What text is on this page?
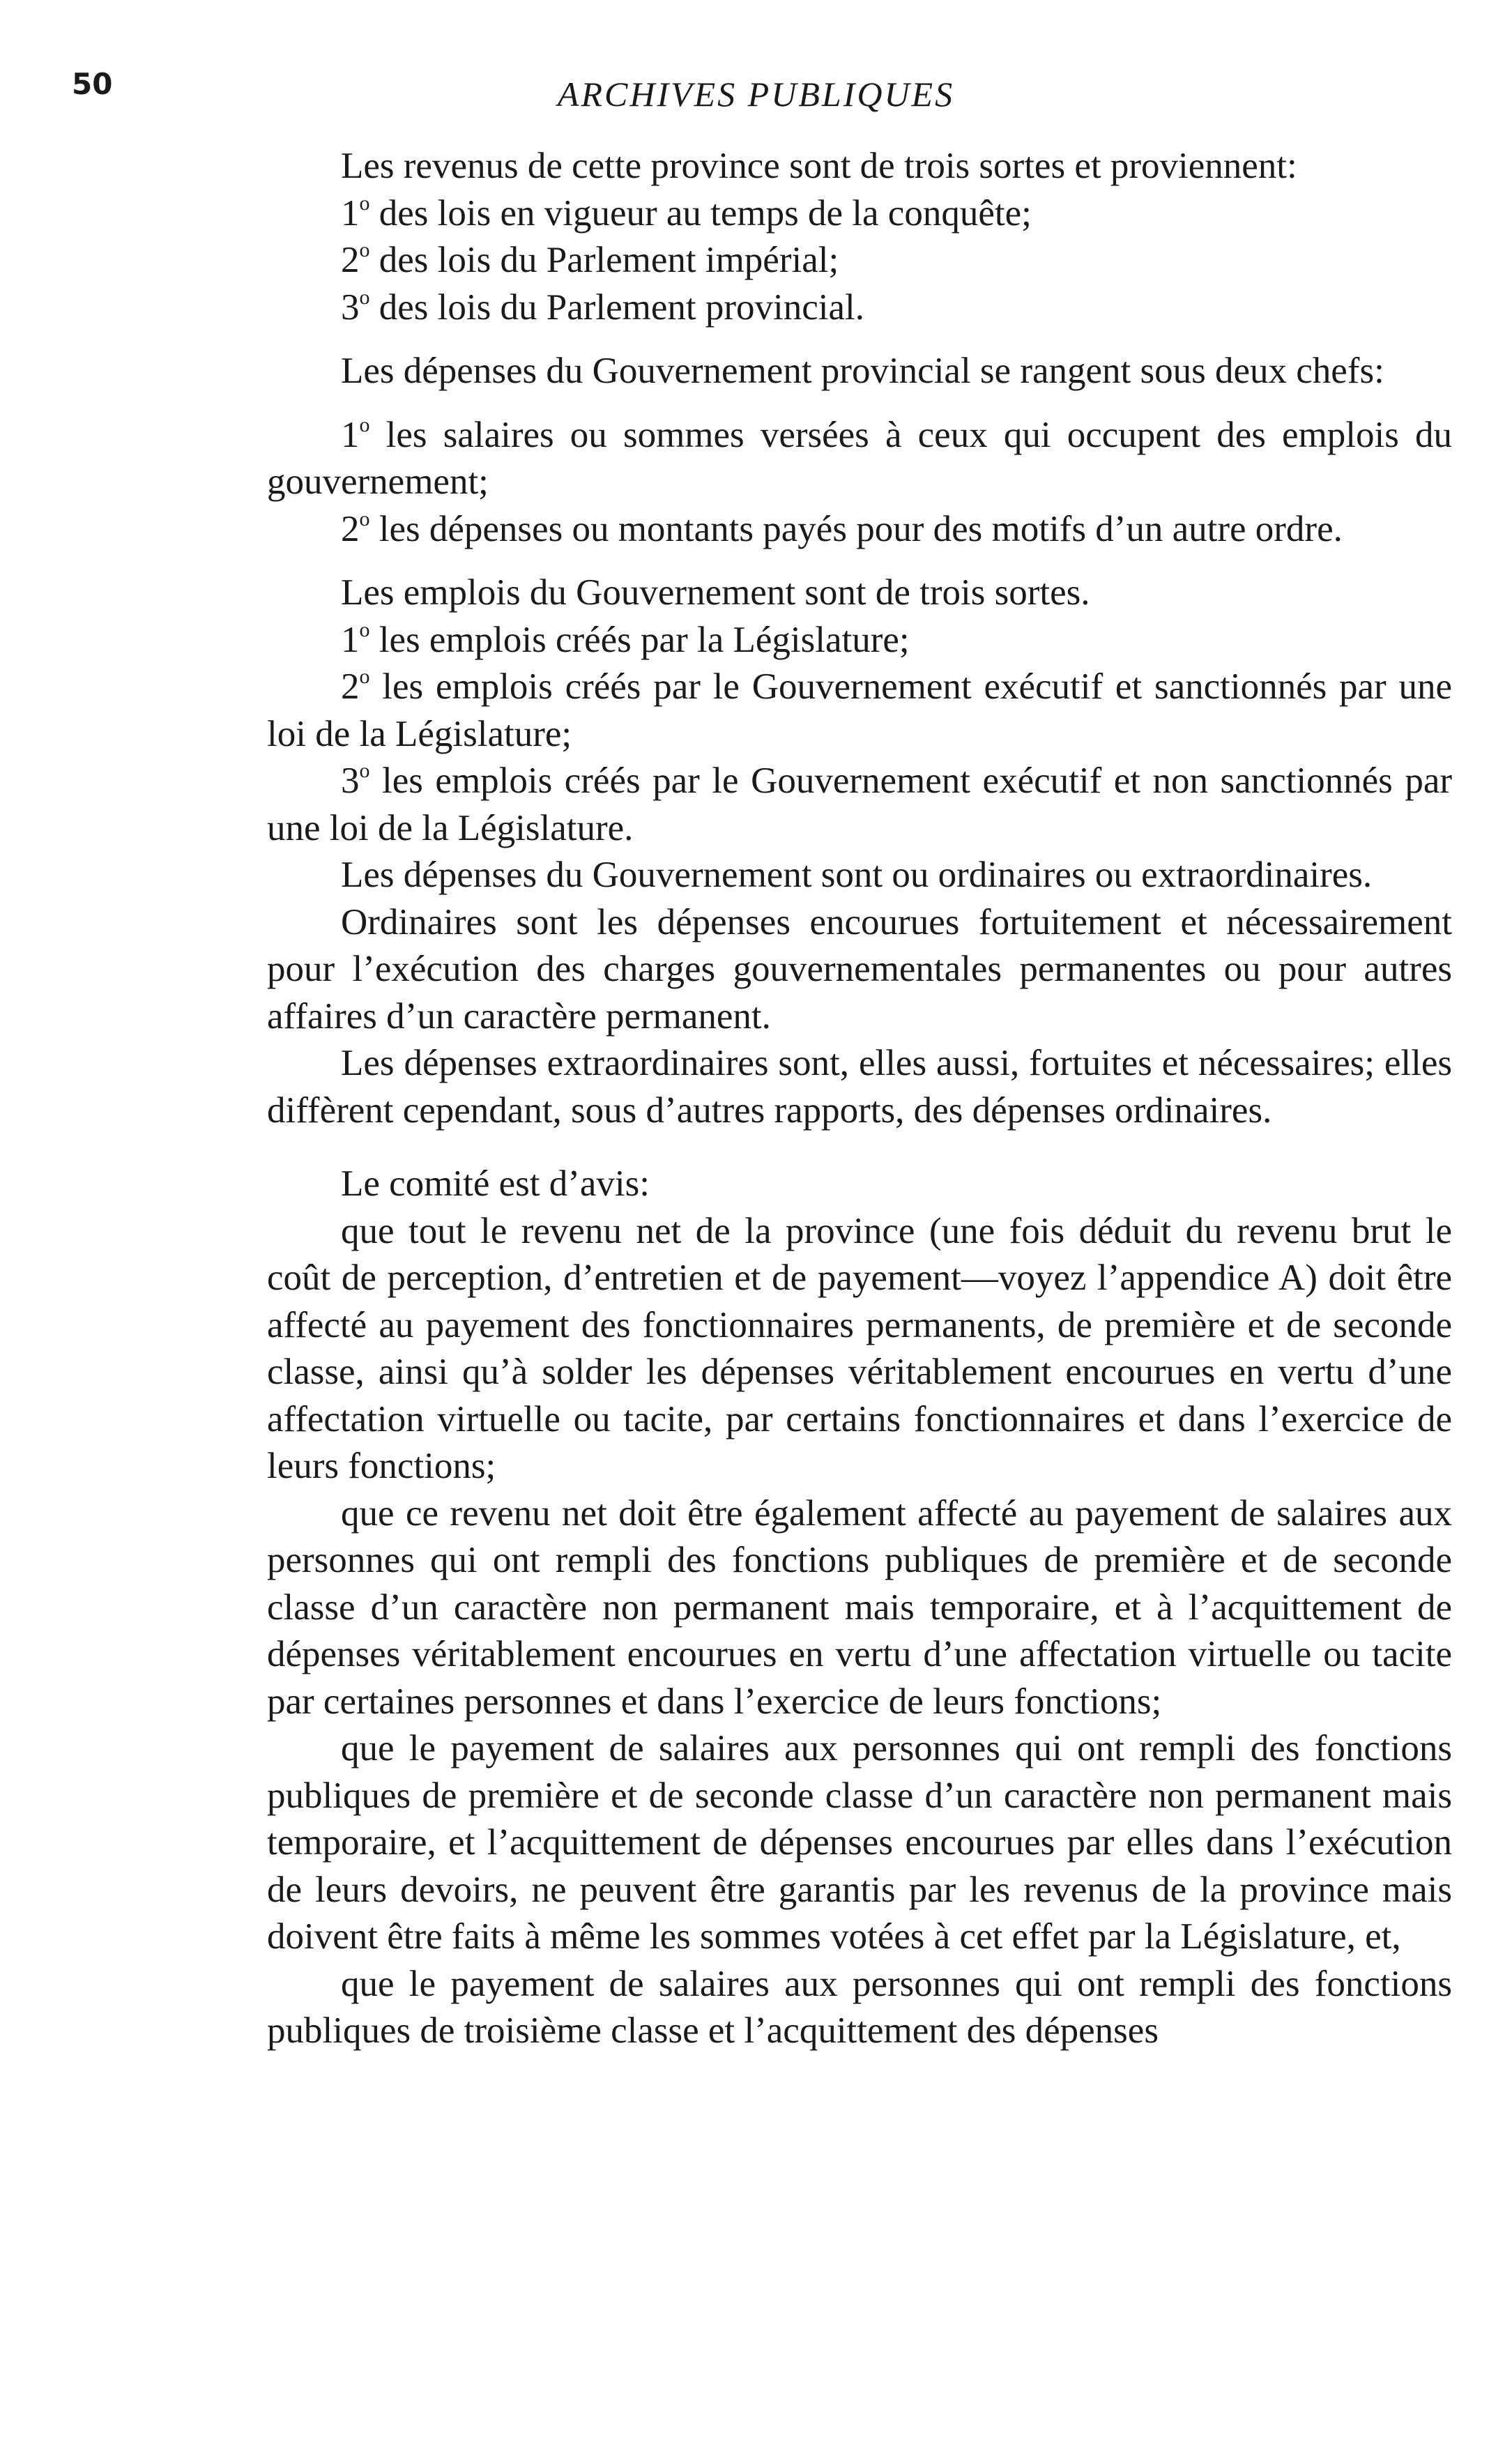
50	ARCHIVES PUBLIQUES

Les revenus de cette province sont de trois sortes et proviennent:

1$^o$ des lois en vigueur au temps de la conquête;

2$^o$ des lois du Parlement impérial;

3$^o$ des lois du Parlement provincial.

Les dépenses du Gouvernement provincial se rangent sous deux chefs:

1$^o$ les salaires ou sommes versées à ceux qui occupent des emplois du gouvernement;

2$^o$ les dépenses ou montants payés pour des motifs d’un autre ordre.

Les emplois du Gouvernement sont de trois sortes.

1$^o$ les emplois créés par la Législature;

2$^o$ les emplois créés par le Gouvernement exécutif et sanctionnés par une loi de la Législature;

3$^o$ les emplois créés par le Gouvernement exécutif et non sanctionnés par une loi de la Législature.

Les dépenses du Gouvernement sont ou ordinaires ou extraordinaires.

Ordinaires sont les dépenses encourues fortuitement et nécessairement pour l’exécution des charges gouvernementales permanentes ou pour autres affaires d’un caractère permanent.

Les dépenses extraordinaires sont, elles aussi, fortuites et nécessaires; elles diffèrent cependant, sous d’autres rapports, des dépenses ordinaires.

Le comité est d’avis:

que tout le revenu net de la province (une fois déduit du revenu brut le coût de perception, d’entretien et de payement—voyez l’appendice A) doit être affecté au payement des fonctionnaires permanents, de première et de seconde classe, ainsi qu’à solder les dépenses véritablement encourues en vertu d’une affectation virtuelle ou tacite, par certains fonctionnaires et dans l’exercice de leurs fonctions;

que ce revenu net doit être également affecté au payement de salaires aux personnes qui ont rempli des fonctions publiques de première et de seconde classe d’un caractère non permanent mais temporaire, et à l’acquittement de dépenses véritablement encourues en vertu d’une affectation virtuelle ou tacite par certaines personnes et dans l’exercice de leurs fonctions;

que le payement de salaires aux personnes qui ont rempli des fonctions publiques de première et de seconde classe d’un caractère non permanent mais temporaire, et l’acquittement de dépenses encourues par elles dans l’exécution de leurs devoirs, ne peuvent être garantis par les revenus de la province mais doivent être faits à même les sommes votées à cet effet par la Législature, et,

que le payement de salaires aux personnes qui ont rempli des fonctions publiques de troisième classe et l’acquittement des dépenses
